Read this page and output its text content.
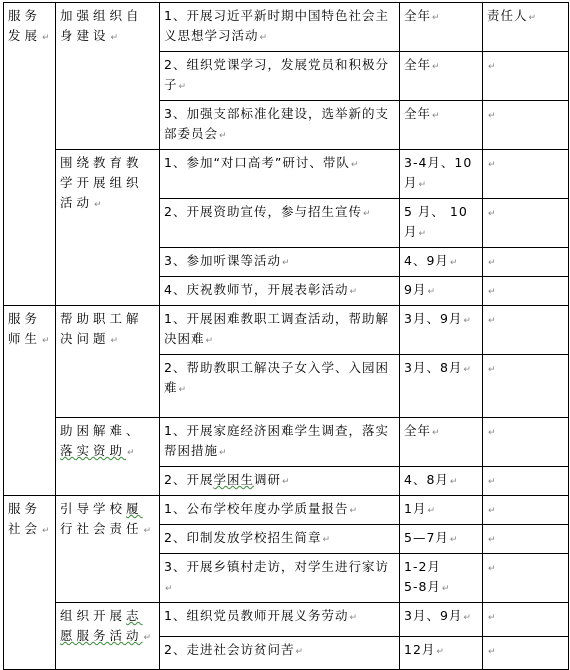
服务发展↵	加强组织自身建设↵	1、开展习近平新时期中国特色社会主义思想学习活动↵	全年↵	责任人↵
		2、组织党课学习，发展党员和积极分子↵	全年↵	↵
		3、加强支部标准化建设，选举新的支部委员会↵	全年↵	↵
	围绕教育教学开展组织活动↵	1、参加“对口高考”研讨、带队↵	3-4月、10月↵	↵
		2、开展资助宣传，参与招生宣传↵	5 月、 10月↵	↵
		3、参加听课等活动↵	4、9月↵	↵
		4、庆祝教师节，开展表彰活动↵	9月↵	↵
服务师生↵	帮助职工解决问题↵	1、开展困难教职工调查活动，帮助解决困难↵	3月、9月↵	↵
		2、帮助教职工解决子女入学、入园困难↵	3月、8月↵	↵
	助困解难、落实资助↵	1、开展家庭经济困难学生调查，落实帮困措施↵	全年↵	↵
		2、开展学困生调研↵	4、8月↵	↵
服务社会↵	引导学校履行社会责任↵	1、公布学校年度办学质量报告↵	1月↵	↵
		2、印制发放学校招生简章↵	5—7月↵	↵
		3、开展乡镇村走访，对学生进行家访↵	1-2月
5-8月↵	↵
	组织开展志愿服务活动↵	1、组织党员教师开展义务劳动↵	3月、9月↵	↵
		2、走进社会访贫问苦↵	12月↵	↵
